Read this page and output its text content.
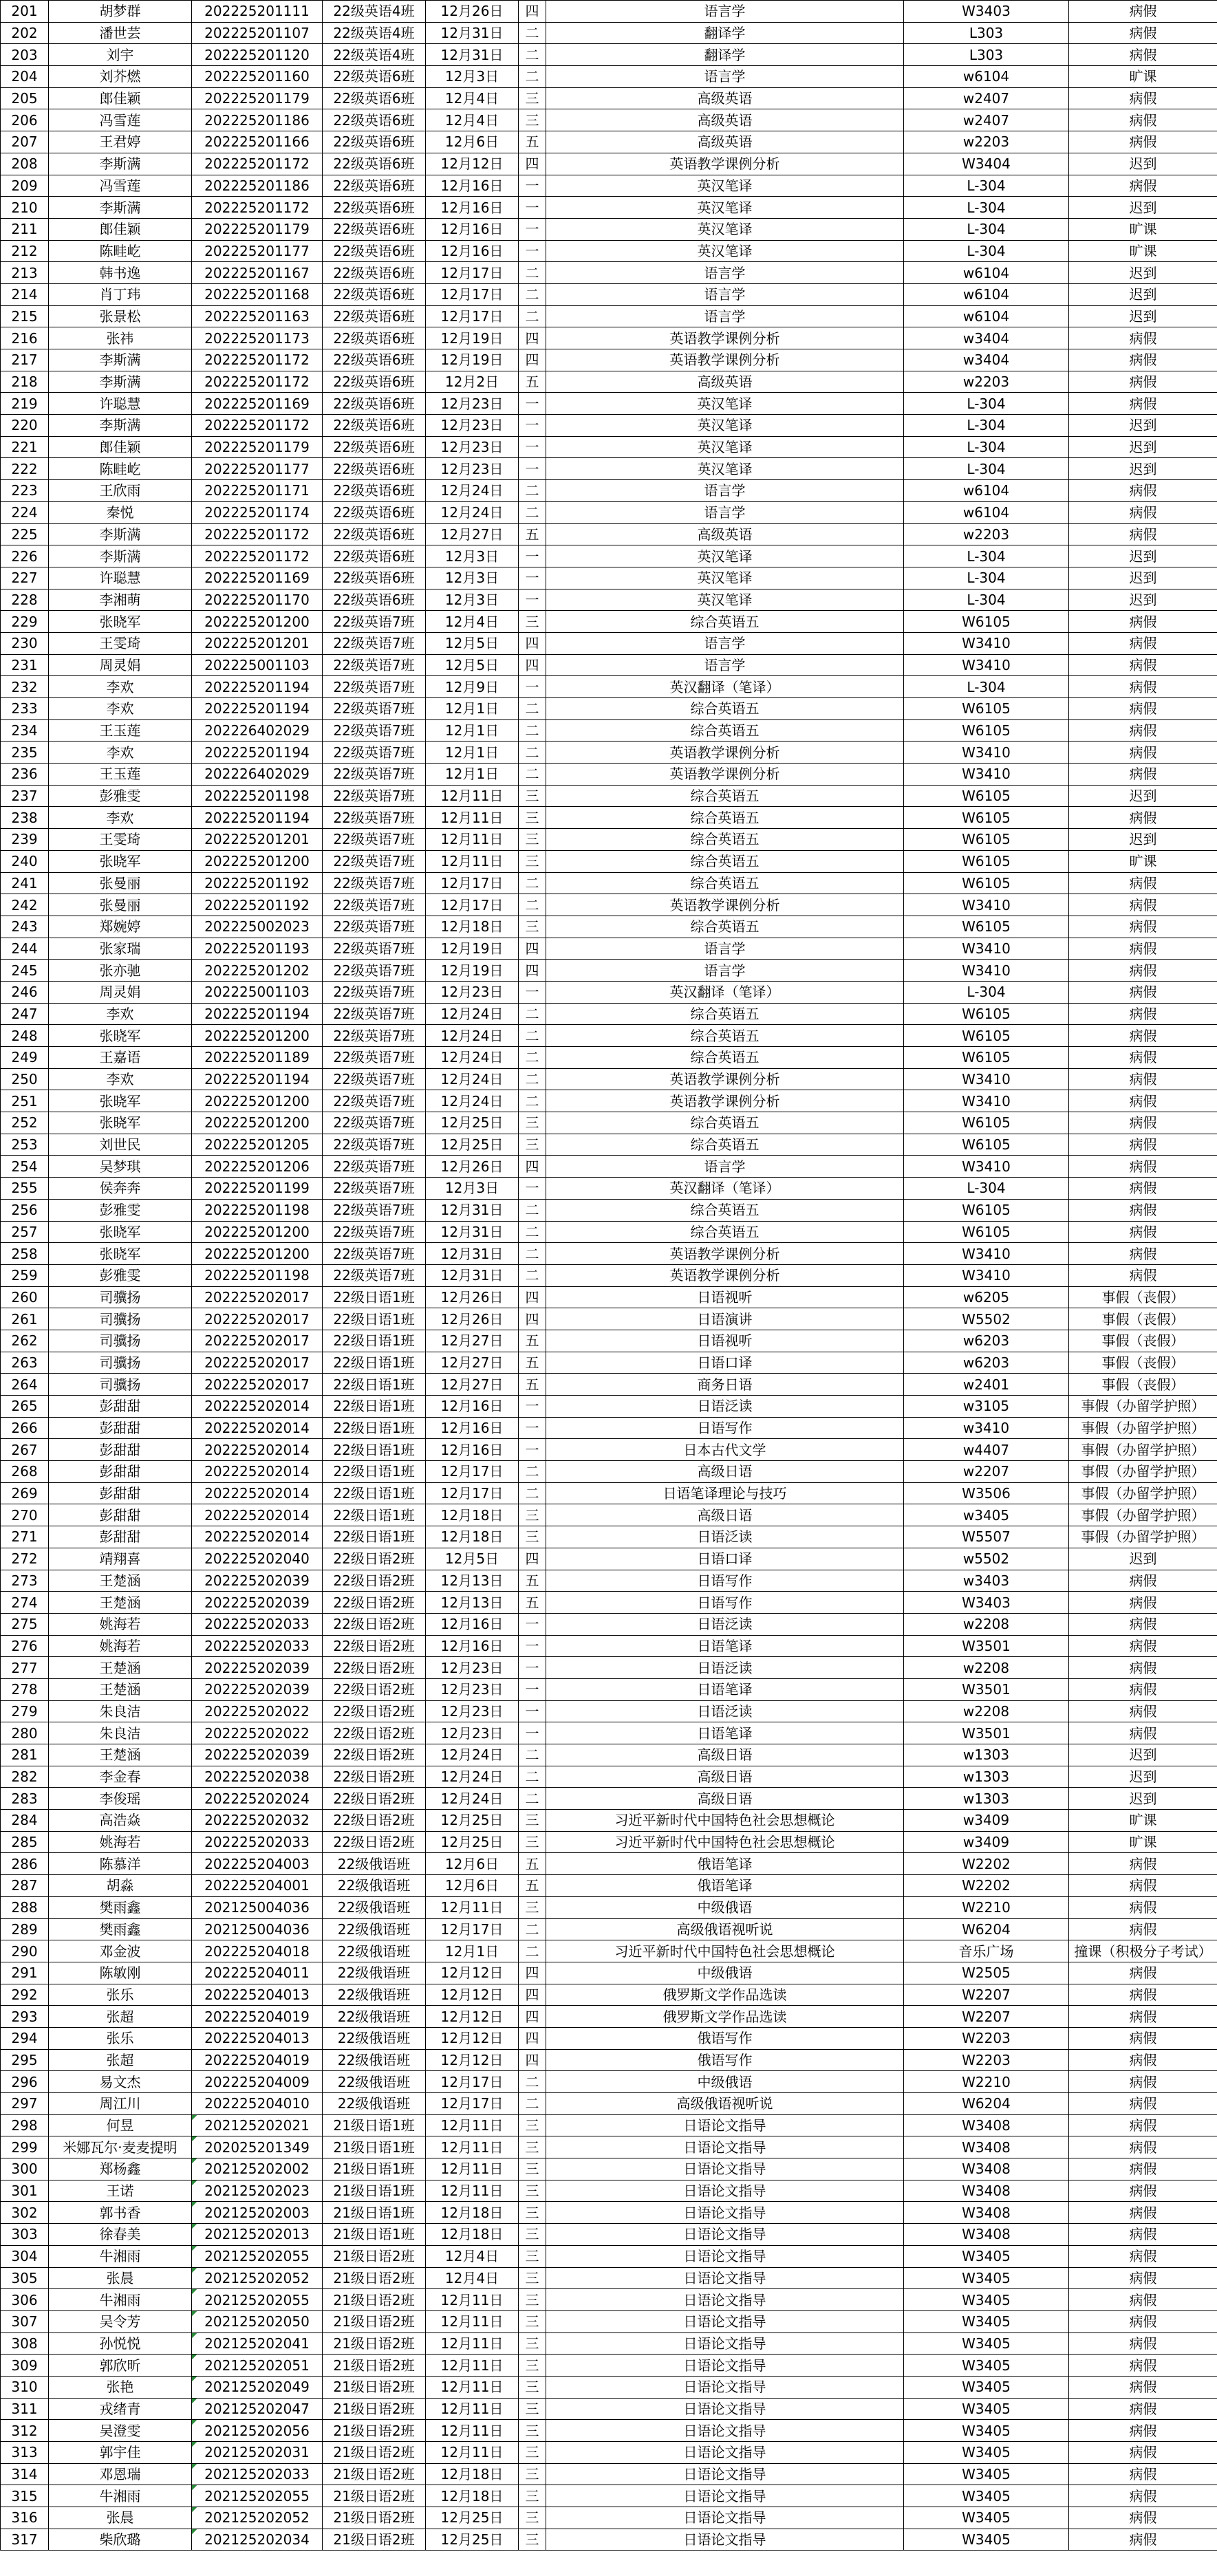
201	胡梦群	202225201111	22级英语4班	12月26日	四	语言学	W3403	病假
202	潘世芸	202225201107	22级英语4班	12月31日	二	翻译学	L303	病假
203	刘宇	202225201120	22级英语4班	12月31日	二	翻译学	L303	病假
204	刘芥燃	202225201160	22级英语6班	12月3日	二	语言学	w6104	旷课
205	郎佳颖	202225201179	22级英语6班	12月4日	三	高级英语	w2407	病假
206	冯雪莲	202225201186	22级英语6班	12月4日	三	高级英语	w2407	病假
207	王君婷	202225201166	22级英语6班	12月6日	五	高级英语	w2203	病假
208	李斯满	202225201172	22级英语6班	12月12日	四	英语教学课例分析	W3404	迟到
209	冯雪莲	202225201186	22级英语6班	12月16日	一	英汉笔译	L-304	病假
210	李斯满	202225201172	22级英语6班	12月16日	一	英汉笔译	L-304	迟到
211	郎佳颖	202225201179	22级英语6班	12月16日	一	英汉笔译	L-304	旷课
212	陈畦屹	202225201177	22级英语6班	12月16日	一	英汉笔译	L-304	旷课
213	韩书逸	202225201167	22级英语6班	12月17日	二	语言学	w6104	迟到
214	肖丁玮	202225201168	22级英语6班	12月17日	二	语言学	w6104	迟到
215	张景松	202225201163	22级英语6班	12月17日	二	语言学	w6104	迟到
216	张祎	202225201173	22级英语6班	12月19日	四	英语教学课例分析	w3404	病假
217	李斯满	202225201172	22级英语6班	12月19日	四	英语教学课例分析	w3404	病假
218	李斯满	202225201172	22级英语6班	12月2日	五	高级英语	w2203	病假
219	许聪慧	202225201169	22级英语6班	12月23日	一	英汉笔译	L-304	病假
220	李斯满	202225201172	22级英语6班	12月23日	一	英汉笔译	L-304	迟到
221	郎佳颖	202225201179	22级英语6班	12月23日	一	英汉笔译	L-304	迟到
222	陈畦屹	202225201177	22级英语6班	12月23日	一	英汉笔译	L-304	迟到
223	王欣雨	202225201171	22级英语6班	12月24日	二	语言学	w6104	病假
224	秦悦	202225201174	22级英语6班	12月24日	二	语言学	w6104	病假
225	李斯满	202225201172	22级英语6班	12月27日	五	高级英语	w2203	病假
226	李斯满	202225201172	22级英语6班	12月3日	一	英汉笔译	L-304	迟到
227	许聪慧	202225201169	22级英语6班	12月3日	一	英汉笔译	L-304	迟到
228	李湘萌	202225201170	22级英语6班	12月3日	一	英汉笔译	L-304	迟到
229	张晓军	202225201200	22级英语7班	12月4日	三	综合英语五	W6105	病假
230	王雯琦	202225201201	22级英语7班	12月5日	四	语言学	W3410	病假
231	周灵娟	202225001103	22级英语7班	12月5日	四	语言学	W3410	病假
232	李欢	202225201194	22级英语7班	12月9日	一	英汉翻译（笔译）	L-304	病假
233	李欢	202225201194	22级英语7班	12月1日	二	综合英语五	W6105	病假
234	王玉莲	202226402029	22级英语7班	12月1日	二	综合英语五	W6105	病假
235	李欢	202225201194	22级英语7班	12月1日	二	英语教学课例分析	W3410	病假
236	王玉莲	202226402029	22级英语7班	12月1日	二	英语教学课例分析	W3410	病假
237	彭雅雯	202225201198	22级英语7班	12月11日	三	综合英语五	W6105	迟到
238	李欢	202225201194	22级英语7班	12月11日	三	综合英语五	W6105	病假
239	王雯琦	202225201201	22级英语7班	12月11日	三	综合英语五	W6105	迟到
240	张晓军	202225201200	22级英语7班	12月11日	三	综合英语五	W6105	旷课
241	张曼丽	202225201192	22级英语7班	12月17日	二	综合英语五	W6105	病假
242	张曼丽	202225201192	22级英语7班	12月17日	二	英语教学课例分析	W3410	病假
243	郑婉婷	202225002023	22级英语7班	12月18日	三	综合英语五	W6105	病假
244	张家瑞	202225201193	22级英语7班	12月19日	四	语言学	W3410	病假
245	张亦驰	202225201202	22级英语7班	12月19日	四	语言学	W3410	病假
246	周灵娟	202225001103	22级英语7班	12月23日	一	英汉翻译（笔译）	L-304	病假
247	李欢	202225201194	22级英语7班	12月24日	二	综合英语五	W6105	病假
248	张晓军	202225201200	22级英语7班	12月24日	二	综合英语五	W6105	病假
249	王嘉语	202225201189	22级英语7班	12月24日	二	综合英语五	W6105	病假
250	李欢	202225201194	22级英语7班	12月24日	二	英语教学课例分析	W3410	病假
251	张晓军	202225201200	22级英语7班	12月24日	二	英语教学课例分析	W3410	病假
252	张晓军	202225201200	22级英语7班	12月25日	三	综合英语五	W6105	病假
253	刘世民	202225201205	22级英语7班	12月25日	三	综合英语五	W6105	病假
254	吴梦琪	202225201206	22级英语7班	12月26日	四	语言学	W3410	病假
255	侯奔奔	202225201199	22级英语7班	12月3日	一	英汉翻译（笔译）	L-304	病假
256	彭雅雯	202225201198	22级英语7班	12月31日	二	综合英语五	W6105	病假
257	张晓军	202225201200	22级英语7班	12月31日	二	综合英语五	W6105	病假
258	张晓军	202225201200	22级英语7班	12月31日	二	英语教学课例分析	W3410	病假
259	彭雅雯	202225201198	22级英语7班	12月31日	二	英语教学课例分析	W3410	病假
260	司骥扬	202225202017	22级日语1班	12月26日	四	日语视听	w6205	事假（丧假）
261	司骥扬	202225202017	22级日语1班	12月26日	四	日语演讲	W5502	事假（丧假）
262	司骥扬	202225202017	22级日语1班	12月27日	五	日语视听	w6203	事假（丧假）
263	司骥扬	202225202017	22级日语1班	12月27日	五	日语口译	w6203	事假（丧假）
264	司骥扬	202225202017	22级日语1班	12月27日	五	商务日语	w2401	事假（丧假）
265	彭甜甜	202225202014	22级日语1班	12月16日	一	日语泛读	w3105	事假（办留学护照）
266	彭甜甜	202225202014	22级日语1班	12月16日	一	日语写作	w3410	事假（办留学护照）
267	彭甜甜	202225202014	22级日语1班	12月16日	一	日本古代文学	w4407	事假（办留学护照）
268	彭甜甜	202225202014	22级日语1班	12月17日	二	高级日语	w2207	事假（办留学护照）
269	彭甜甜	202225202014	22级日语1班	12月17日	二	日语笔译理论与技巧	W3506	事假（办留学护照）
270	彭甜甜	202225202014	22级日语1班	12月18日	三	高级日语	w3405	事假（办留学护照）
271	彭甜甜	202225202014	22级日语1班	12月18日	三	日语泛读	W5507	事假（办留学护照）
272	靖翔喜	202225202040	22级日语2班	12月5日	四	日语口译	w5502	迟到
273	王楚涵	202225202039	22级日语2班	12月13日	五	日语写作	w3403	病假
274	王楚涵	202225202039	22级日语2班	12月13日	五	日语写作	W3403	病假
275	姚海若	202225202033	22级日语2班	12月16日	一	日语泛读	w2208	病假
276	姚海若	202225202033	22级日语2班	12月16日	一	日语笔译	W3501	病假
277	王楚涵	202225202039	22级日语2班	12月23日	一	日语泛读	w2208	病假
278	王楚涵	202225202039	22级日语2班	12月23日	一	日语笔译	W3501	病假
279	朱良洁	202225202022	22级日语2班	12月23日	一	日语泛读	w2208	病假
280	朱良洁	202225202022	22级日语2班	12月23日	一	日语笔译	W3501	病假
281	王楚涵	202225202039	22级日语2班	12月24日	二	高级日语	w1303	迟到
282	李金春	202225202038	22级日语2班	12月24日	二	高级日语	w1303	迟到
283	李俊瑶	202225202024	22级日语2班	12月24日	二	高级日语	w1303	迟到
284	高浩焱	202225202032	22级日语2班	12月25日	三	习近平新时代中国特色社会思想概论	w3409	旷课
285	姚海若	202225202033	22级日语2班	12月25日	三	习近平新时代中国特色社会思想概论	w3409	旷课
286	陈慕洋	202225204003	22级俄语班	12月6日	五	俄语笔译	W2202	病假
287	胡淼	202225204001	22级俄语班	12月6日	五	俄语笔译	W2202	病假
288	樊雨鑫	202125004036	22级俄语班	12月11日	三	中级俄语	W2210	病假
289	樊雨鑫	202125004036	22级俄语班	12月17日	二	高级俄语视听说	W6204	病假
290	邓金波	202225204018	22级俄语班	12月1日	二	习近平新时代中国特色社会思想概论	音乐广场	撞课（积极分子考试）
291	陈敏刚	202225204011	22级俄语班	12月12日	四	中级俄语	W2505	病假
292	张乐	202225204013	22级俄语班	12月12日	四	俄罗斯文学作品选读	W2207	病假
293	张超	202225204019	22级俄语班	12月12日	四	俄罗斯文学作品选读	W2207	病假
294	张乐	202225204013	22级俄语班	12月12日	四	俄语写作	W2203	病假
295	张超	202225204019	22级俄语班	12月12日	四	俄语写作	W2203	病假
296	易文杰	202225204009	22级俄语班	12月17日	二	中级俄语	W2210	病假
297	周江川	202225204010	22级俄语班	12月17日	二	高级俄语视听说	W6204	病假
298	何昱	202125202021	21级日语1班	12月11日	三	日语论文指导	W3408	病假
299	米娜瓦尔·麦麦提明	202025201349	21级日语1班	12月11日	三	日语论文指导	W3408	病假
300	郑杨鑫	202125202002	21级日语1班	12月11日	三	日语论文指导	W3408	病假
301	王诺	202125202023	21级日语1班	12月11日	三	日语论文指导	W3408	病假
302	郭书香	202125202003	21级日语1班	12月18日	三	日语论文指导	W3408	病假
303	徐春美	202125202013	21级日语1班	12月18日	三	日语论文指导	W3408	病假
304	牛湘雨	202125202055	21级日语2班	12月4日	三	日语论文指导	W3405	病假
305	张晨	202125202052	21级日语2班	12月4日	三	日语论文指导	W3405	病假
306	牛湘雨	202125202055	21级日语2班	12月11日	三	日语论文指导	W3405	病假
307	吴令芳	202125202050	21级日语2班	12月11日	三	日语论文指导	W3405	病假
308	孙悦悦	202125202041	21级日语2班	12月11日	三	日语论文指导	W3405	病假
309	郭欣昕	202125202051	21级日语2班	12月11日	三	日语论文指导	W3405	病假
310	张艳	202125202049	21级日语2班	12月11日	三	日语论文指导	W3405	病假
311	戎绪青	202125202047	21级日语2班	12月11日	三	日语论文指导	W3405	病假
312	吴澄雯	202125202056	21级日语2班	12月11日	三	日语论文指导	W3405	病假
313	郭宇佳	202125202031	21级日语2班	12月11日	三	日语论文指导	W3405	病假
314	邓恩瑞	202125202033	21级日语2班	12月18日	三	日语论文指导	W3405	病假
315	牛湘雨	202125202055	21级日语2班	12月18日	三	日语论文指导	W3405	病假
316	张晨	202125202052	21级日语2班	12月25日	三	日语论文指导	W3405	病假
317	柴欣璐	202125202034	21级日语2班	12月25日	三	日语论文指导	W3405	病假
